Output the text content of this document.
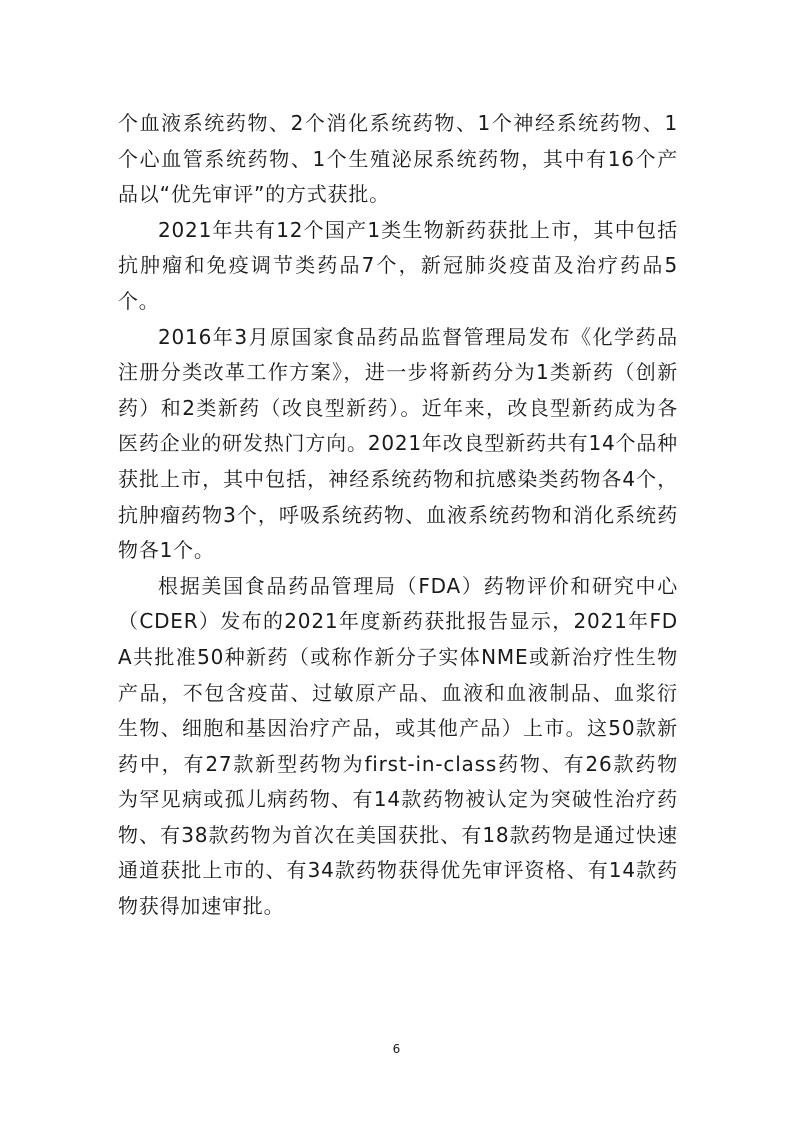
个血液系统药物、2个消化系统药物、1个神经系统药物、1个心血管系统药物、1个生殖泌尿系统药物，其中有16个产品以“优先审评”的方式获批。

2021年共有12个国产1类生物新药获批上市，其中包括抗肿瘤和免疫调节类药品7个，新冠肺炎疫苗及治疗药品5个。

2016年3月原国家食品药品监督管理局发布《化学药品注册分类改革工作方案》，进一步将新药分为1类新药（创新药）和2类新药（改良型新药）。近年来，改良型新药成为各医药企业的研发热门方向。2021年改良型新药共有14个品种获批上市，其中包括，神经系统药物和抗感染类药物各4个，抗肿瘤药物3个，呼吸系统药物、血液系统药物和消化系统药物各1个。

根据美国食品药品管理局（FDA）药物评价和研究中心（CDER）发布的2021年度新药获批报告显示，2021年FDA共批准50种新药（或称作新分子实体NME或新治疗性生物产品，不包含疫苗、过敏原产品、血液和血液制品、血浆衍生物、细胞和基因治疗产品，或其他产品）上市。这50款新药中，有27款新型药物为first-in-class药物、有26款药物为罕见病或孤儿病药物、有14款药物被认定为突破性治疗药物、有38款药物为首次在美国获批、有18款药物是通过快速通道获批上市的、有34款药物获得优先审评资格、有14款药物获得加速审批。

6
